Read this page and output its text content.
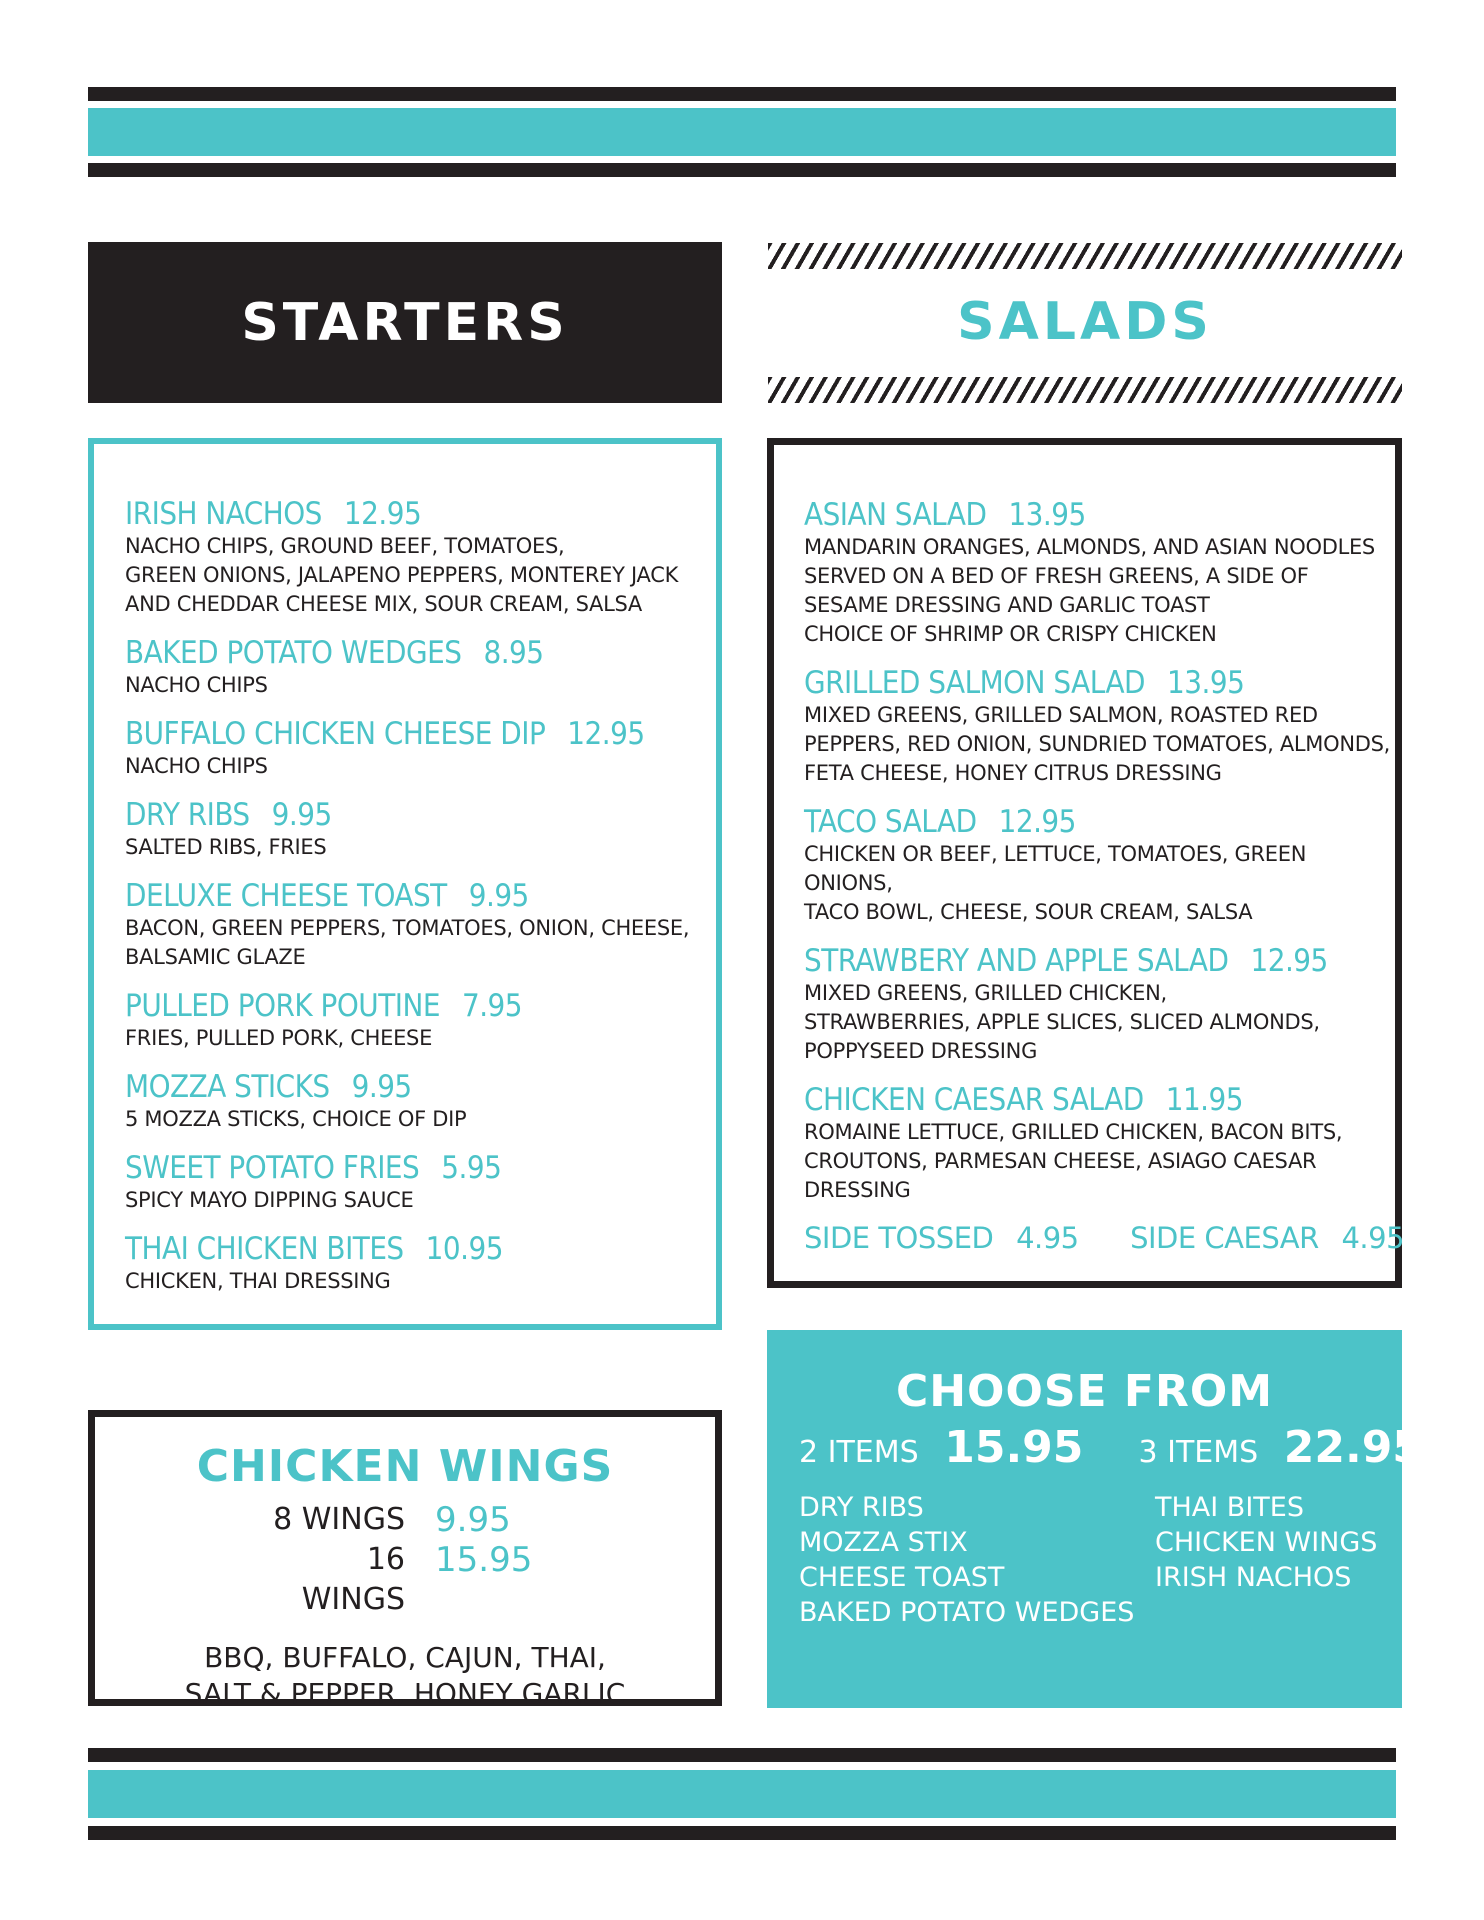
STARTERS	SALADS
IRISH NACHOS 12.95
NACHO CHIPS, GROUND BEEF, TOMATOES,
GREEN ONIONS, JALAPENO PEPPERS, MONTEREY JACK
AND CHEDDAR CHEESE MIX, SOUR CREAM, SALSA
BAKED POTATO WEDGES 8.95
NACHO CHIPS
BUFFALO CHICKEN CHEESE DIP 12.95
NACHO CHIPS
DRY RIBS 9.95
SALTED RIBS, FRIES
DELUXE CHEESE TOAST 9.95
BACON, GREEN PEPPERS, TOMATOES, ONION, CHEESE,
BALSAMIC GLAZE
PULLED PORK POUTINE 7.95
FRIES, PULLED PORK, CHEESE
MOZZA STICKS 9.95
5 MOZZA STICKS, CHOICE OF DIP
SWEET POTATO FRIES 5.95
SPICY MAYO DIPPING SAUCE
THAI CHICKEN BITES 10.95
CHICKEN, THAI DRESSING
ASIAN SALAD 13.95
MANDARIN ORANGES, ALMONDS, AND ASIAN NOODLES
SERVED ON A BED OF FRESH GREENS, A SIDE OF
SESAME DRESSING AND GARLIC TOAST
CHOICE OF SHRIMP OR CRISPY CHICKEN
GRILLED SALMON SALAD 13.95
MIXED GREENS, GRILLED SALMON, ROASTED RED
PEPPERS, RED ONION, SUNDRIED TOMATOES, ALMONDS,
FETA CHEESE, HONEY CITRUS DRESSING
TACO SALAD 12.95
CHICKEN OR BEEF, LETTUCE, TOMATOES, GREEN ONIONS,
TACO BOWL, CHEESE, SOUR CREAM, SALSA
STRAWBERY AND APPLE SALAD 12.95
MIXED GREENS, GRILLED CHICKEN,
STRAWBERRIES, APPLE SLICES, SLICED ALMONDS,
POPPYSEED DRESSING
CHICKEN CAESAR SALAD 11.95
ROMAINE LETTUCE, GRILLED CHICKEN, BACON BITS,
CROUTONS, PARMESAN CHEESE, ASIAGO CAESAR
DRESSING
SIDE TOSSED 4.95 SIDE CAESAR 4.95
CHICKEN WINGS
8 WINGS 9.95
16 WINGS
15.95
BBQ, BUFFALO, CAJUN, THAI,
SALT & PEPPER, HONEY GARLIC
CHOOSE FROM
2 ITEMS 15.95 3 ITEMS 22.95
DRY RIBS
MOZZA STIX
CHEESE TOAST
BAKED POTATO WEDGES
THAI BITES
CHICKEN WINGS
IRISH NACHOS
